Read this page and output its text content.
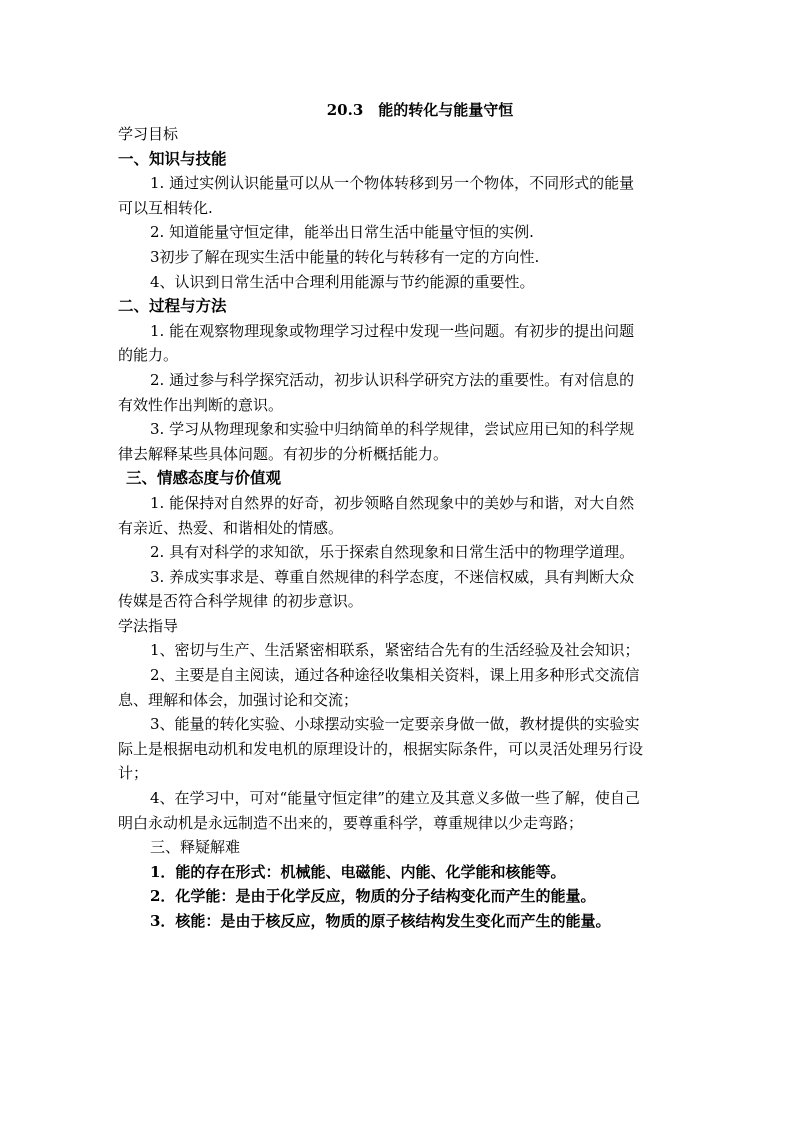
20.3　能的转化与能量守恒
学习目标
一、知识与技能
1. 通过实例认识能量可以从一个物体转移到另一个物体，不同形式的能量
可以互相转化.
2. 知道能量守恒定律，能举出日常生活中能量守恒的实例.
3初步了解在现实生活中能量的转化与转移有一定的方向性.
4、认识到日常生活中合理利用能源与节约能源的重要性。
二、过程与方法
1. 能在观察物理现象或物理学习过程中发现一些问题。有初步的提出问题
的能力。
2. 通过参与科学探究活动，初步认识科学研究方法的重要性。有对信息的
有效性作出判断的意识。
3. 学习从物理现象和实验中归纳简单的科学规律，尝试应用已知的科学规
律去解释某些具体问题。有初步的分析概括能力。
三、情感态度与价值观
1. 能保持对自然界的好奇，初步领略自然现象中的美妙与和谐，对大自然
有亲近、热爱、和谐相处的情感。
2. 具有对科学的求知欲，乐于探索自然现象和日常生活中的物理学道理。
3. 养成实事求是、尊重自然规律的科学态度，不迷信权威，具有判断大众
传媒是否符合科学规律 的初步意识。
学法指导
1、密切与生产、生活紧密相联系，紧密结合先有的生活经验及社会知识；
2、主要是自主阅读，通过各种途径收集相关资料，课上用多种形式交流信
息、理解和体会，加强讨论和交流；
3、能量的转化实验、小球摆动实验一定要亲身做一做，教材提供的实验实
际上是根据电动机和发电机的原理设计的，根据实际条件，可以灵活处理另行设
计；
4、在学习中，可对“能量守恒定律”的建立及其意义多做一些了解，使自己
明白永动机是永远制造不出来的，要尊重科学，尊重规律以少走弯路；
三、释疑解难
1．能的存在形式：机械能、电磁能、内能、化学能和核能等。
2．化学能：是由于化学反应，物质的分子结构变化而产生的能量。
3．核能：是由于核反应，物质的原子核结构发生变化而产生的能量。
